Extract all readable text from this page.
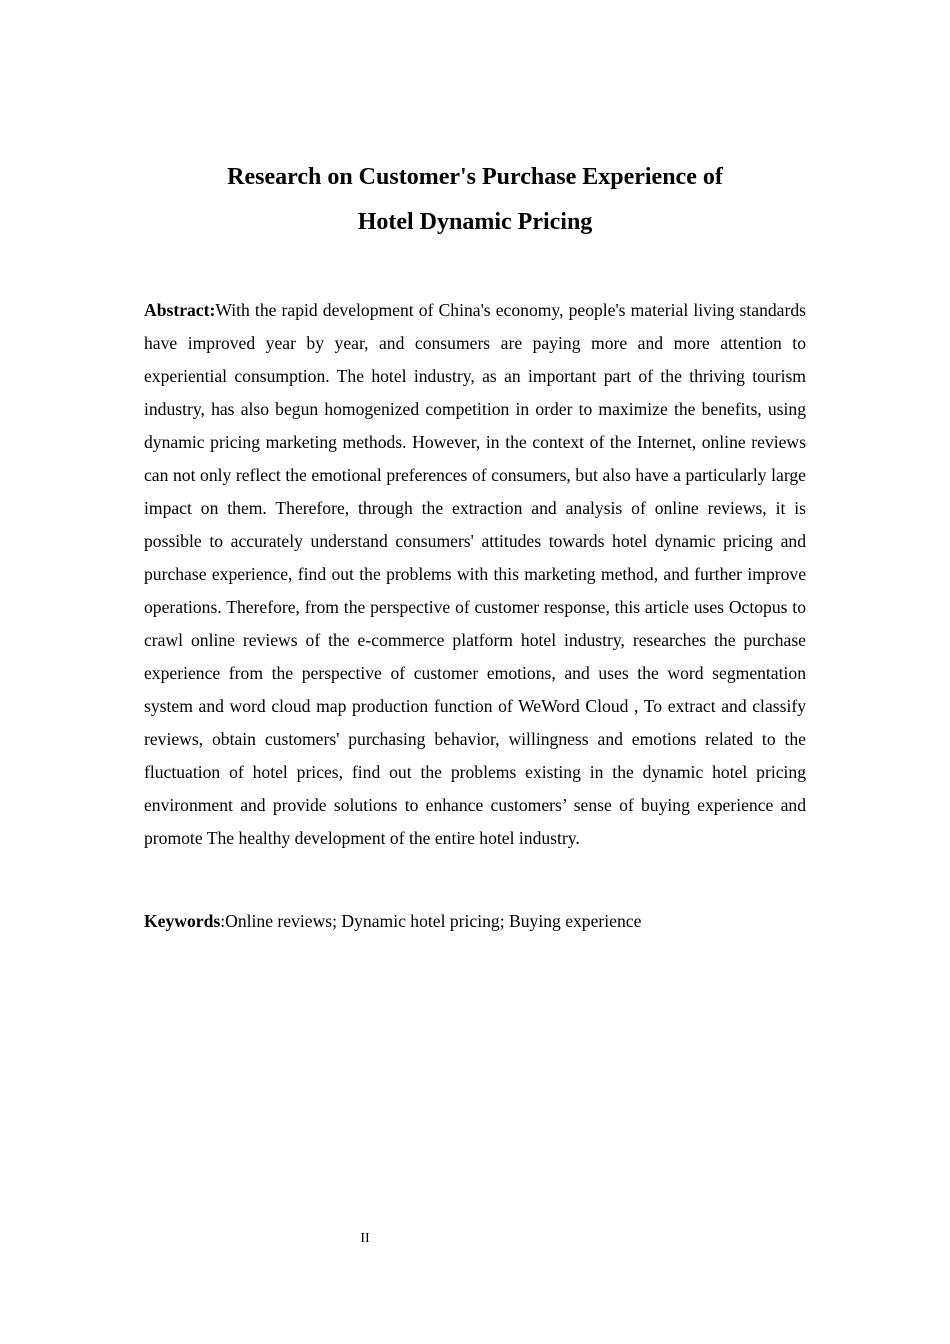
Research on Customer's Purchase Experience of
Hotel Dynamic Pricing

Abstract:With the rapid development of China's economy, people's material living standards have improved year by year, and consumers are paying more and more attention to experiential consumption. The hotel industry, as an important part of the thriving tourism industry, has also begun homogenized competition in order to maximize the benefits, using dynamic pricing marketing methods. However, in the context of the Internet, online reviews can not only reflect the emotional preferences of consumers, but also have a particularly large impact on them. Therefore, through the extraction and analysis of online reviews, it is possible to accurately understand consumers' attitudes towards hotel dynamic pricing and purchase experience, find out the problems with this marketing method, and further improve operations. Therefore, from the perspective of customer response, this article uses Octopus to crawl online reviews of the e-commerce platform hotel industry, researches the purchase experience from the perspective of customer emotions, and uses the word segmentation system and word cloud map production function of WeWord Cloud , To extract and classify reviews, obtain customers' purchasing behavior, willingness and emotions related to the fluctuation of hotel prices, find out the problems existing in the dynamic hotel pricing environment and provide solutions to enhance customers’ sense of buying experience and promote The healthy development of the entire hotel industry.

Keywords:Online reviews; Dynamic hotel pricing; Buying experience

II
